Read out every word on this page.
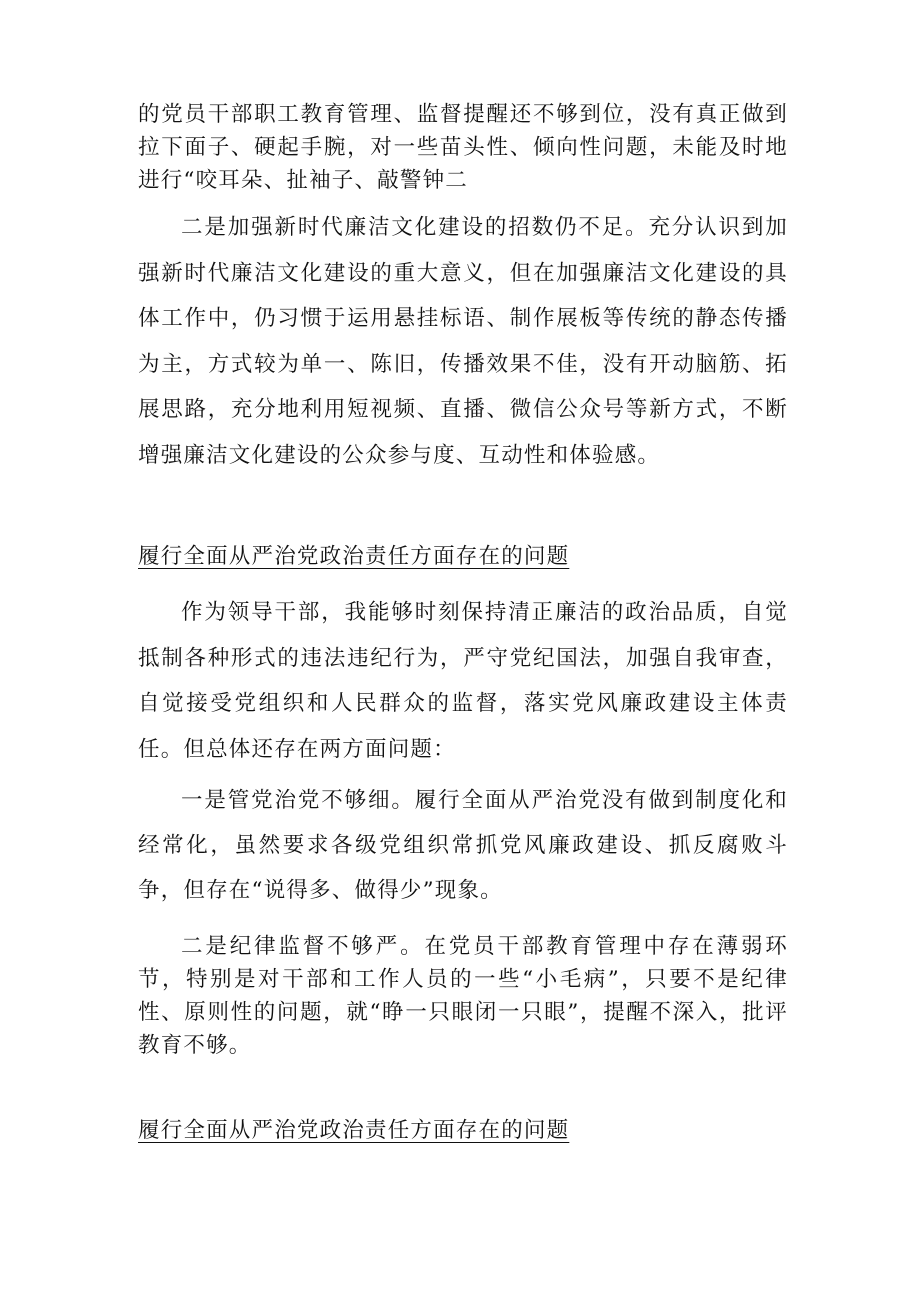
的党员干部职工教育管理、监督提醒还不够到位，没有真正做到拉下面子、硬起手腕，对一些苗头性、倾向性问题，未能及时地进行“咬耳朵、扯袖子、敲警钟二

二是加强新时代廉洁文化建设的招数仍不足。充分认识到加强新时代廉洁文化建设的重大意义，但在加强廉洁文化建设的具体工作中，仍习惯于运用悬挂标语、制作展板等传统的静态传播为主，方式较为单一、陈旧，传播效果不佳，没有开动脑筋、拓展思路，充分地利用短视频、直播、微信公众号等新方式，不断增强廉洁文化建设的公众参与度、互动性和体验感。

履行全面从严治党政治责任方面存在的问题

作为领导干部，我能够时刻保持清正廉洁的政治品质，自觉抵制各种形式的违法违纪行为，严守党纪国法，加强自我审查，自觉接受党组织和人民群众的监督，落实党风廉政建设主体责任。但总体还存在两方面问题：

一是管党治党不够细。履行全面从严治党没有做到制度化和经常化，虽然要求各级党组织常抓党风廉政建设、抓反腐败斗争，但存在“说得多、做得少”现象。

二是纪律监督不够严。在党员干部教育管理中存在薄弱环节，特别是对干部和工作人员的一些“小毛病”，只要不是纪律性、原则性的问题，就“睁一只眼闭一只眼”，提醒不深入，批评教育不够。

履行全面从严治党政治责任方面存在的问题
